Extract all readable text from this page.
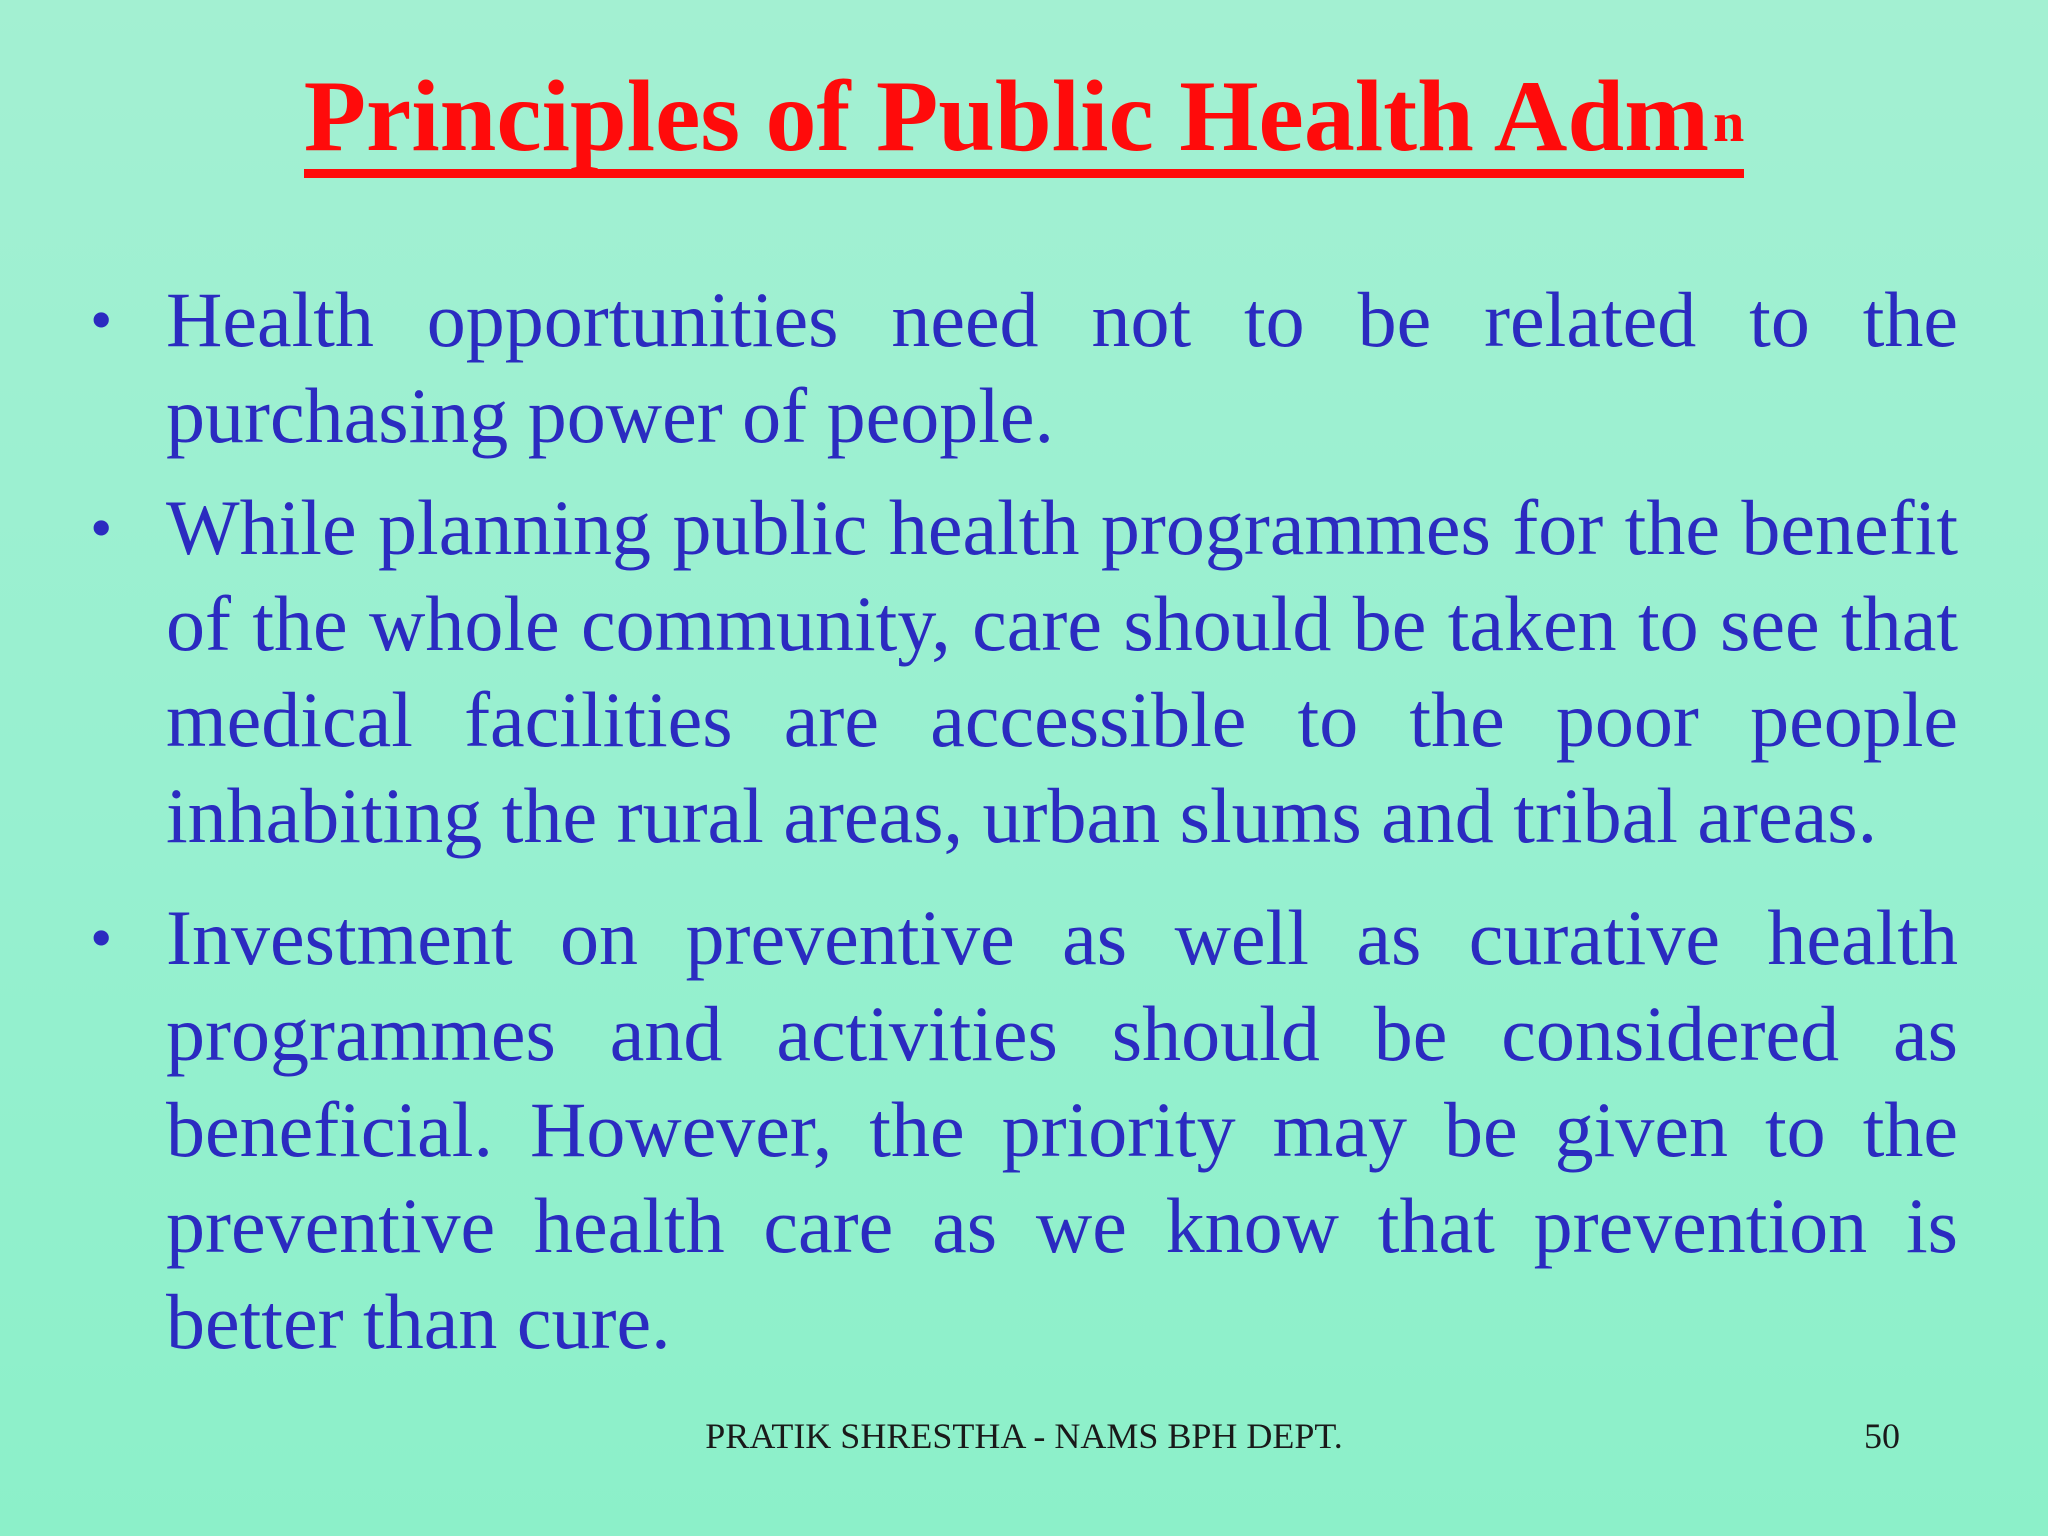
Principles of Public Health Adm$^n$
• Health opportunities need not to be related to the purchasing power of people.
• While planning public health programmes for the benefit of the whole community, care should be taken to see that medical facilities are accessible to the poor people inhabiting the rural areas, urban slums and tribal areas.
• Investment on preventive as well as curative health programmes and activities should be considered as beneficial. However, the priority may be given to the preventive health care as we know that prevention is better than cure.
PRATIK SHRESTHA - NAMS BPH DEPT.	50
